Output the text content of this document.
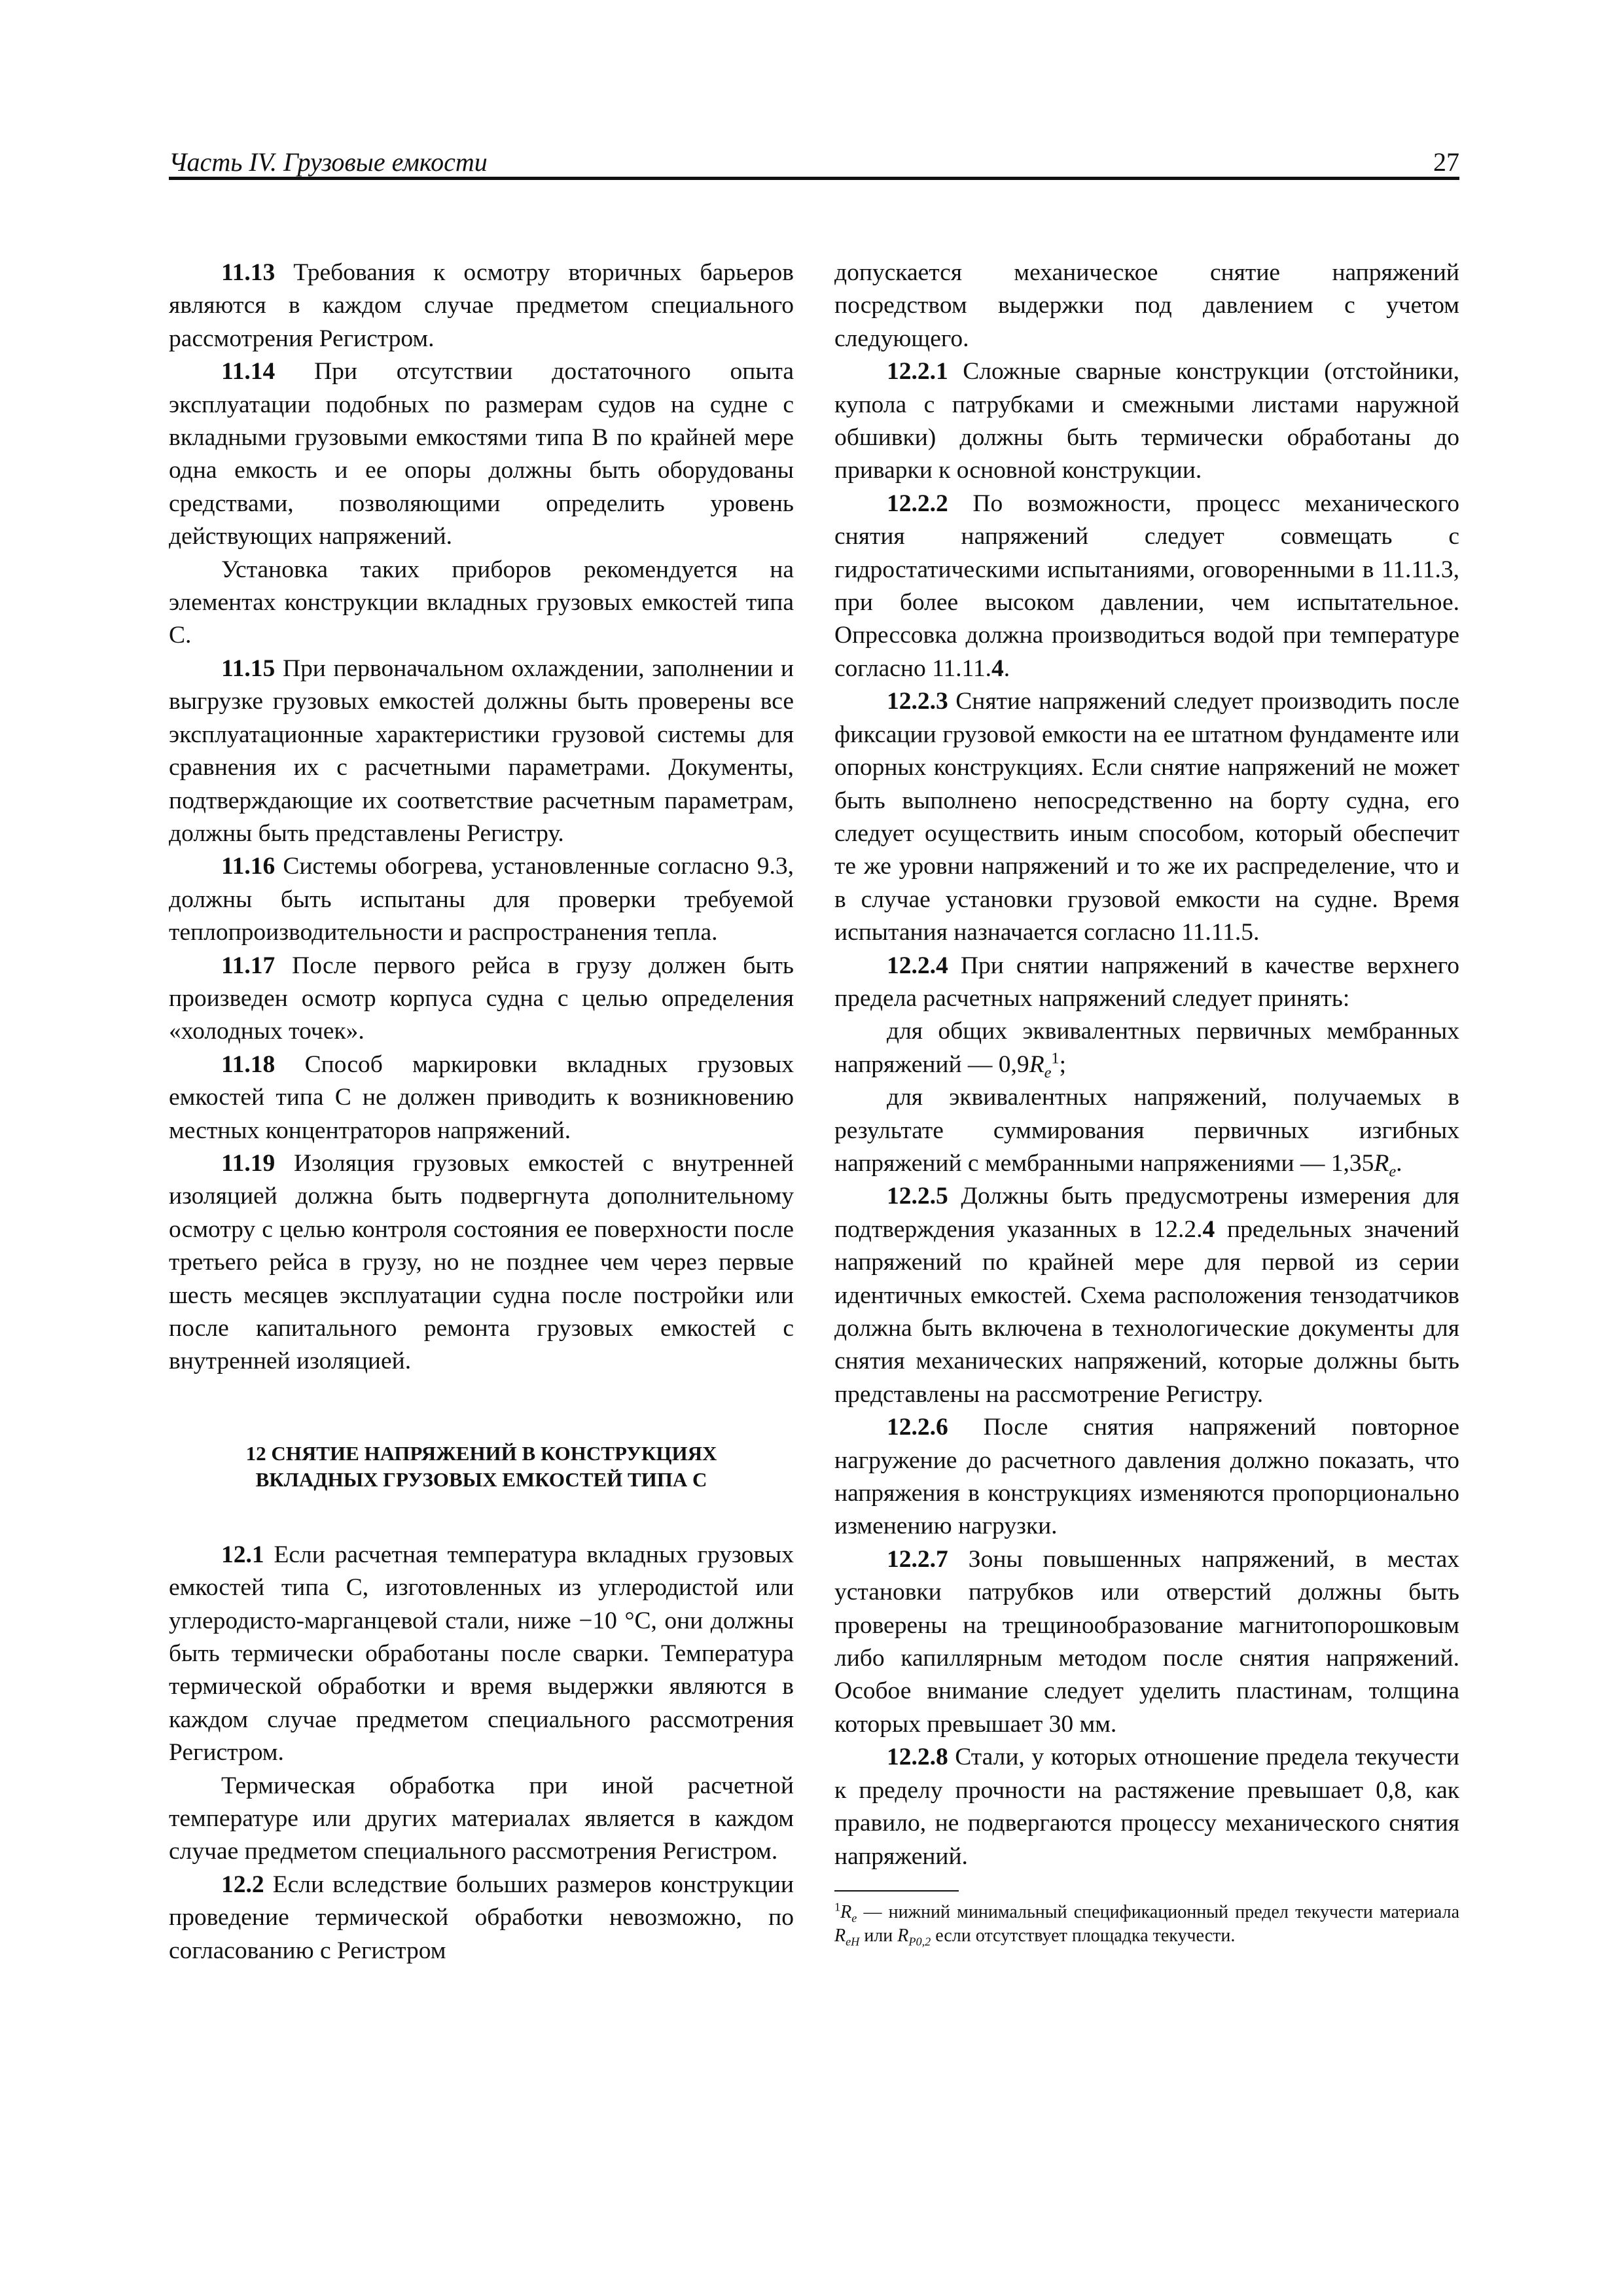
Часть IV. Грузовые емкости	27

11.13 Требования к осмотру вторичных барьеров являются в каждом случае предметом специального рассмотрения Регистром.

11.14 При отсутствии достаточного опыта эксплуатации подобных по размерам судов на судне с вкладными грузовыми емкостями типа В по крайней мере одна емкость и ее опоры должны быть оборудованы средствами, позволяющими определить уровень действующих напряжений.

Установка таких приборов рекомендуется на элементах конструкции вкладных грузовых емкостей типа С.

11.15 При первоначальном охлаждении, заполнении и выгрузке грузовых емкостей должны быть проверены все эксплуатационные характеристики грузовой системы для сравнения их с расчетными параметрами. Документы, подтверждающие их соответствие расчетным параметрам, должны быть представлены Регистру.

11.16 Системы обогрева, установленные согласно 9.3, должны быть испытаны для проверки требуемой теплопроизводительности и распространения тепла.

11.17 После первого рейса в грузу должен быть произведен осмотр корпуса судна с целью определения «холодных точек».

11.18 Способ маркировки вкладных грузовых емкостей типа С не должен приводить к возникновению местных концентраторов напряжений.

11.19 Изоляция грузовых емкостей с внутренней изоляцией должна быть подвергнута дополнительному осмотру с целью контроля состояния ее поверхности после третьего рейса в грузу, но не позднее чем через первые шесть месяцев эксплуатации судна после постройки или после капитального ремонта грузовых емкостей с внутренней изоляцией.

12 СНЯТИЕ НАПРЯЖЕНИЙ В КОНСТРУКЦИЯХ
ВКЛАДНЫХ ГРУЗОВЫХ ЕМКОСТЕЙ ТИПА С

12.1 Если расчетная температура вкладных грузовых емкостей типа С, изготовленных из углеродистой или углеродисто-марганцевой стали, ниже −10 °С, они должны быть термически обработаны после сварки. Температура термической обработки и время выдержки являются в каждом случае предметом специального рассмотрения Регистром.

Термическая обработка при иной расчетной температуре или других материалах является в каждом случае предметом специального рассмотрения Регистром.

12.2 Если вследствие больших размеров конструкции проведение термической обработки невозможно, по согласованию с Регистром

допускается механическое снятие напряжений посредством выдержки под давлением с учетом следующего.

12.2.1 Сложные сварные конструкции (отстойники, купола с патрубками и смежными листами наружной обшивки) должны быть термически обработаны до приварки к основной конструкции.

12.2.2 По возможности, процесс механического снятия напряжений следует совмещать с гидростатическими испытаниями, оговоренными в 11.11.3, при более высоком давлении, чем испытательное. Опрессовка должна производиться водой при температуре согласно 11.11.4.

12.2.3 Снятие напряжений следует производить после фиксации грузовой емкости на ее штатном фундаменте или опорных конструкциях. Если снятие напряжений не может быть выполнено непосредственно на борту судна, его следует осуществить иным способом, который обеспечит те же уровни напряжений и то же их распределение, что и в случае установки грузовой емкости на судне. Время испытания назначается согласно 11.11.5.

12.2.4 При снятии напряжений в качестве верхнего предела расчетных напряжений следует принять:

для общих эквивалентных первичных мембранных напряжений — $0,9R_e^1$;

для эквивалентных напряжений, получаемых в результате суммирования первичных изгибных напряжений с мембранными напряжениями — $1,35R_e$.

12.2.5 Должны быть предусмотрены измерения для подтверждения указанных в 12.2.4 предельных значений напряжений по крайней мере для первой из серии идентичных емкостей. Схема расположения тензодатчиков должна быть включена в технологические документы для снятия механических напряжений, которые должны быть представлены на рассмотрение Регистру.

12.2.6 После снятия напряжений повторное нагружение до расчетного давления должно показать, что напряжения в конструкциях изменяются пропорционально изменению нагрузки.

12.2.7 Зоны повышенных напряжений, в местах установки патрубков или отверстий должны быть проверены на трещинообразование магнитопорошковым либо капиллярным методом после снятия напряжений. Особое внимание следует уделить пластинам, толщина которых превышает 30 мм.

12.2.8 Стали, у которых отношение предела текучести к пределу прочности на растяжение превышает 0,8, как правило, не подвергаются процессу механического снятия напряжений.

$^1R_e$ — нижний минимальный спецификационный предел текучести материала $R_{eH}$ или $R_{P0,2}$ если отсутствует площадка текучести.
